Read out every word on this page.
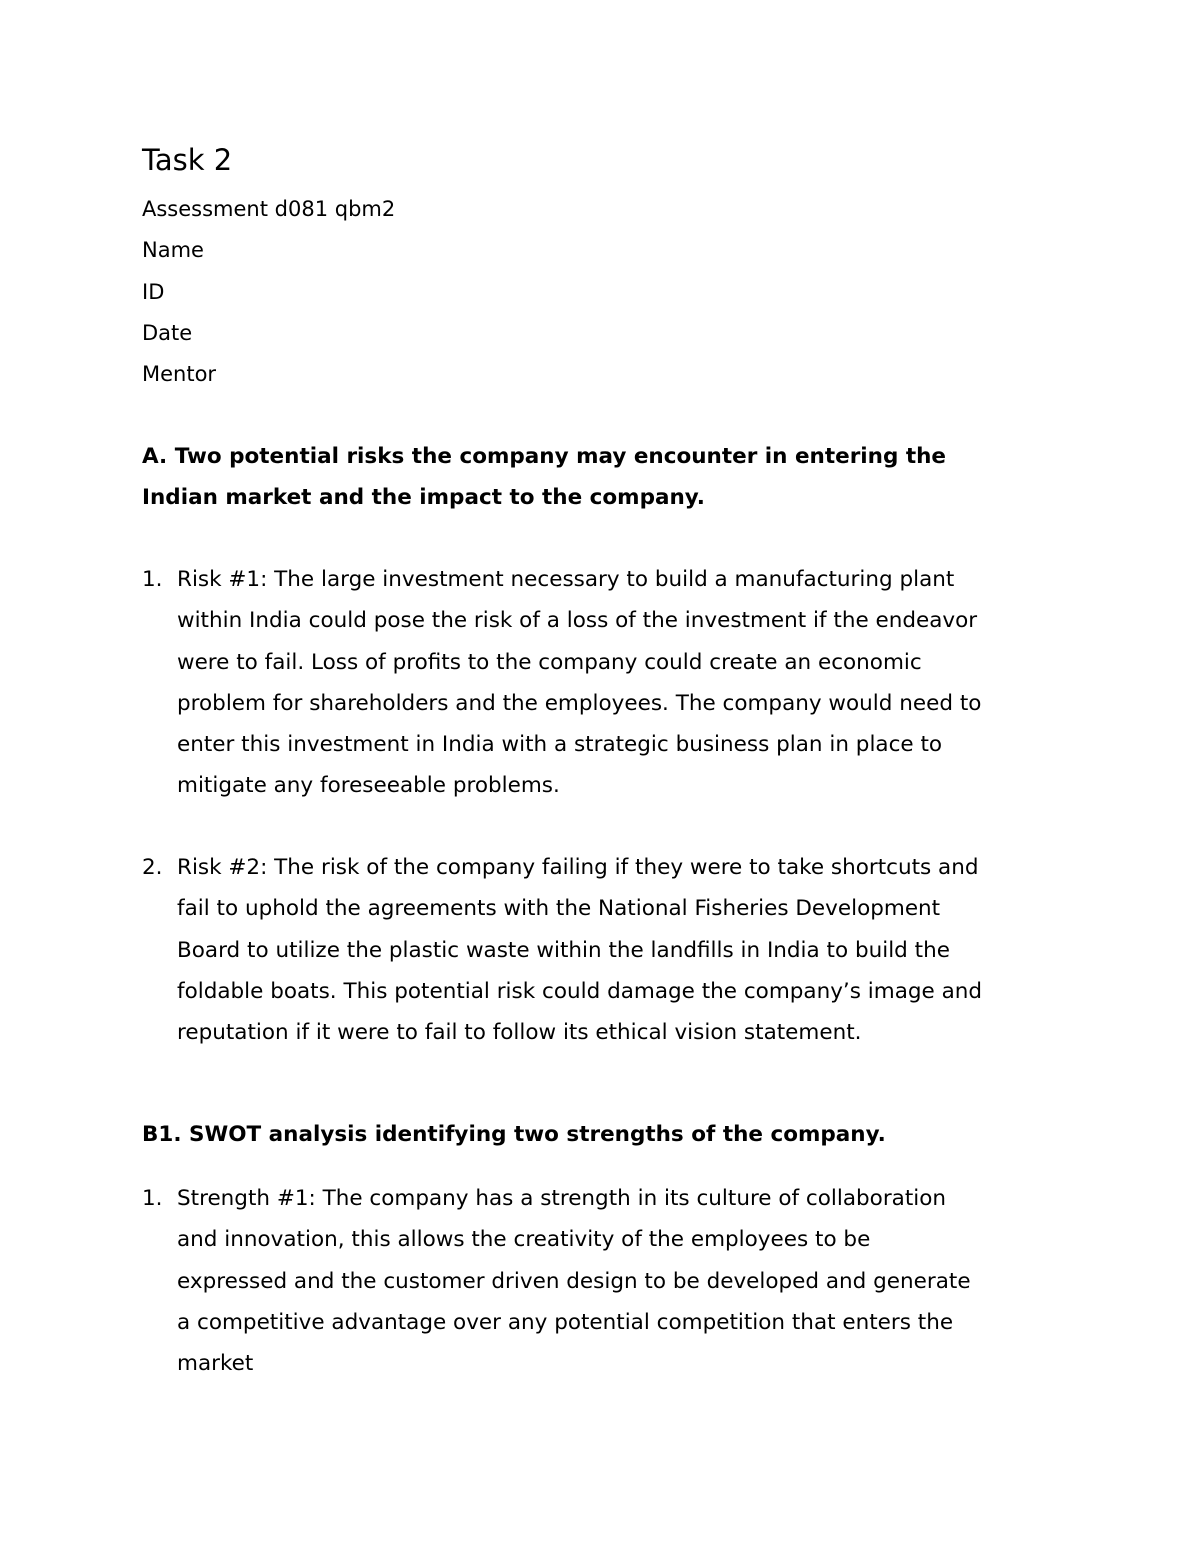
Task 2
Assessment d081 qbm2
Name
ID
Date
Mentor
A. Two potential risks the company may encounter in entering the
Indian market and the impact to the company.
1. Risk #1: The large investment necessary to build a manufacturing plant
within India could pose the risk of a loss of the investment if the endeavor
were to fail. Loss of profits to the company could create an economic
problem for shareholders and the employees. The company would need to
enter this investment in India with a strategic business plan in place to
mitigate any foreseeable problems.
2. Risk #2: The risk of the company failing if they were to take shortcuts and
fail to uphold the agreements with the National Fisheries Development
Board to utilize the plastic waste within the landfills in India to build the
foldable boats. This potential risk could damage the company’s image and
reputation if it were to fail to follow its ethical vision statement.
B1. SWOT analysis identifying two strengths of the company.
1. Strength #1: The company has a strength in its culture of collaboration
and innovation, this allows the creativity of the employees to be
expressed and the customer driven design to be developed and generate
a competitive advantage over any potential competition that enters the
market
